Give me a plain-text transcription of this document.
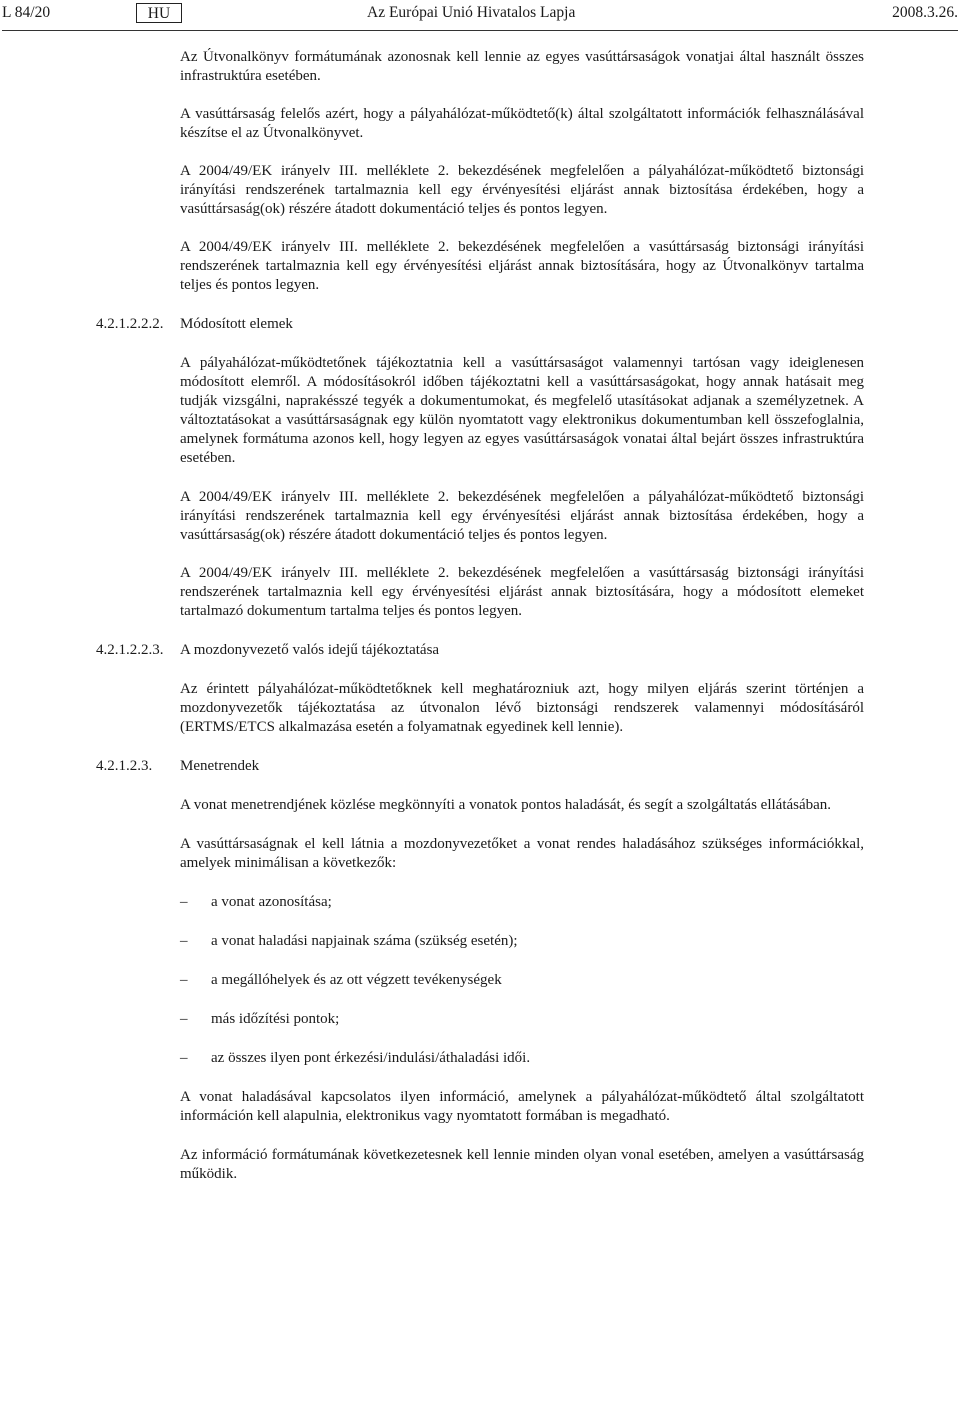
L 84/20	HU	Az Európai Unió Hivatalos Lapja	2008.3.26.

Az Útvonalkönyv formátumának azonosnak kell lennie az egyes vasúttársaságok vonatjai által használt összes infrastruktúra esetében.

A vasúttársaság felelős azért, hogy a pályahálózat-működtető(k) által szolgáltatott információk felhasználásával készítse el az Útvonalkönyvet.

A 2004/49/EK irányelv III. melléklete 2. bekezdésének megfelelően a pályahálózat-működtető biztonsági irányítási rendszerének tartalmaznia kell egy érvényesítési eljárást annak biztosítása érdekében, hogy a vasúttársaság(ok) részére átadott dokumentáció teljes és pontos legyen.

A 2004/49/EK irányelv III. melléklete 2. bekezdésének megfelelően a vasúttársaság biztonsági irányítási rendszerének tartalmaznia kell egy érvényesítési eljárást annak biztosítására, hogy az Útvonalkönyv tartalma teljes és pontos legyen.

4.2.1.2.2.2. Módosított elemek

A pályahálózat-működtetőnek tájékoztatnia kell a vasúttársaságot valamennyi tartósan vagy ideiglenesen módosított elemről. A módosításokról időben tájékoztatni kell a vasúttársaságokat, hogy annak hatásait meg tudják vizsgálni, naprakésszé tegyék a dokumentumokat, és megfelelő utasításokat adjanak a személyzetnek. A változtatásokat a vasúttársaságnak egy külön nyomtatott vagy elektronikus dokumentumban kell összefoglalnia, amelynek formátuma azonos kell, hogy legyen az egyes vasúttársaságok vonatai által bejárt összes infrastruktúra esetében.

A 2004/49/EK irányelv III. melléklete 2. bekezdésének megfelelően a pályahálózat-működtető biztonsági irányítási rendszerének tartalmaznia kell egy érvényesítési eljárást annak biztosítása érdekében, hogy a vasúttársaság(ok) részére átadott dokumentáció teljes és pontos legyen.

A 2004/49/EK irányelv III. melléklete 2. bekezdésének megfelelően a vasúttársaság biztonsági irányítási rendszerének tartalmaznia kell egy érvényesítési eljárást annak biztosítására, hogy a módosított elemeket tartalmazó dokumentum tartalma teljes és pontos legyen.

4.2.1.2.2.3. A mozdonyvezető valós idejű tájékoztatása

Az érintett pályahálózat-működtetőknek kell meghatározniuk azt, hogy milyen eljárás szerint történjen a mozdonyvezetők tájékoztatása az útvonalon lévő biztonsági rendszerek valamennyi módosításáról (ERTMS/ETCS alkalmazása esetén a folyamatnak egyedinek kell lennie).

4.2.1.2.3. Menetrendek

A vonat menetrendjének közlése megkönnyíti a vonatok pontos haladását, és segít a szolgáltatás ellátásában.

A vasúttársaságnak el kell látnia a mozdonyvezetőket a vonat rendes haladásához szükséges információkkal, amelyek minimálisan a következők:

–	a vonat azonosítása;
–	a vonat haladási napjainak száma (szükség esetén);
–	a megállóhelyek és az ott végzett tevékenységek
–	más időzítési pontok;
–	az összes ilyen pont érkezési/indulási/áthaladási idői.

A vonat haladásával kapcsolatos ilyen információ, amelynek a pályahálózat-működtető által szolgáltatott információn kell alapulnia, elektronikus vagy nyomtatott formában is megadható.

Az információ formátumának következetesnek kell lennie minden olyan vonal esetében, amelyen a vasúttársaság működik.
